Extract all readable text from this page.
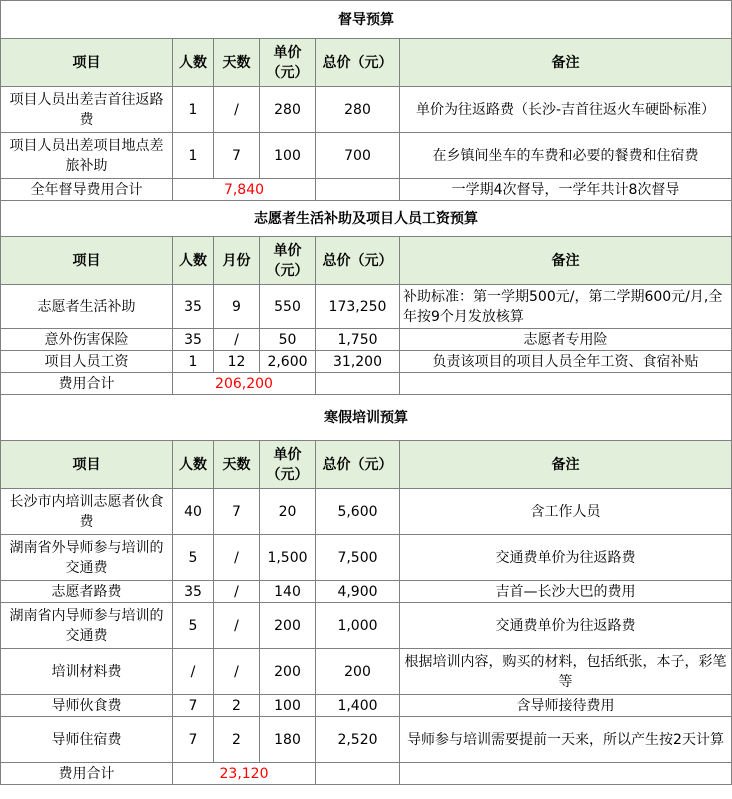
督导预算					
项目	人数	天数	单价（元）	总价（元）	备注
项目人员出差吉首往返路费	1	/	280	280	单价为往返路费（长沙-吉首往返火车硬卧标准）
项目人员出差项目地点差旅补助	1	7	100	700	在乡镇间坐车的车费和必要的餐费和住宿费
全年督导费用合计	7,840				一学期4次督导，一学年共计8次督导
志愿者生活补助及项目人员工资预算					
项目	人数	月份	单价（元）	总价（元）	备注
志愿者生活补助	35	9	550	173,250	补助标准：第一学期500元/，第二学期600元/月,全年按9个月发放核算
意外伤害保险	35	/	50	1,750	志愿者专用险
项目人员工资	1	12	2,600	31,200	负责该项目的项目人员全年工资、食宿补贴
费用合计	206,200				
寒假培训预算					
项目	人数	天数	单价（元）	总价（元）	备注
长沙市内培训志愿者伙食费	40	7	20	5,600	含工作人员
湖南省外导师参与培训的交通费	5	/	1,500	7,500	交通费单价为往返路费
志愿者路费	35	/	140	4,900	吉首—长沙大巴的费用
湖南省内导师参与培训的交通费	5	/	200	1,000	交通费单价为往返路费
培训材料费	/	/	200	200	根据培训内容，购买的材料，包括纸张，本子，彩笔等
导师伙食费	7	2	100	1,400	含导师接待费用
导师住宿费	7	2	180	2,520	导师参与培训需要提前一天来，所以产生按2天计算
费用合计	23,120				
